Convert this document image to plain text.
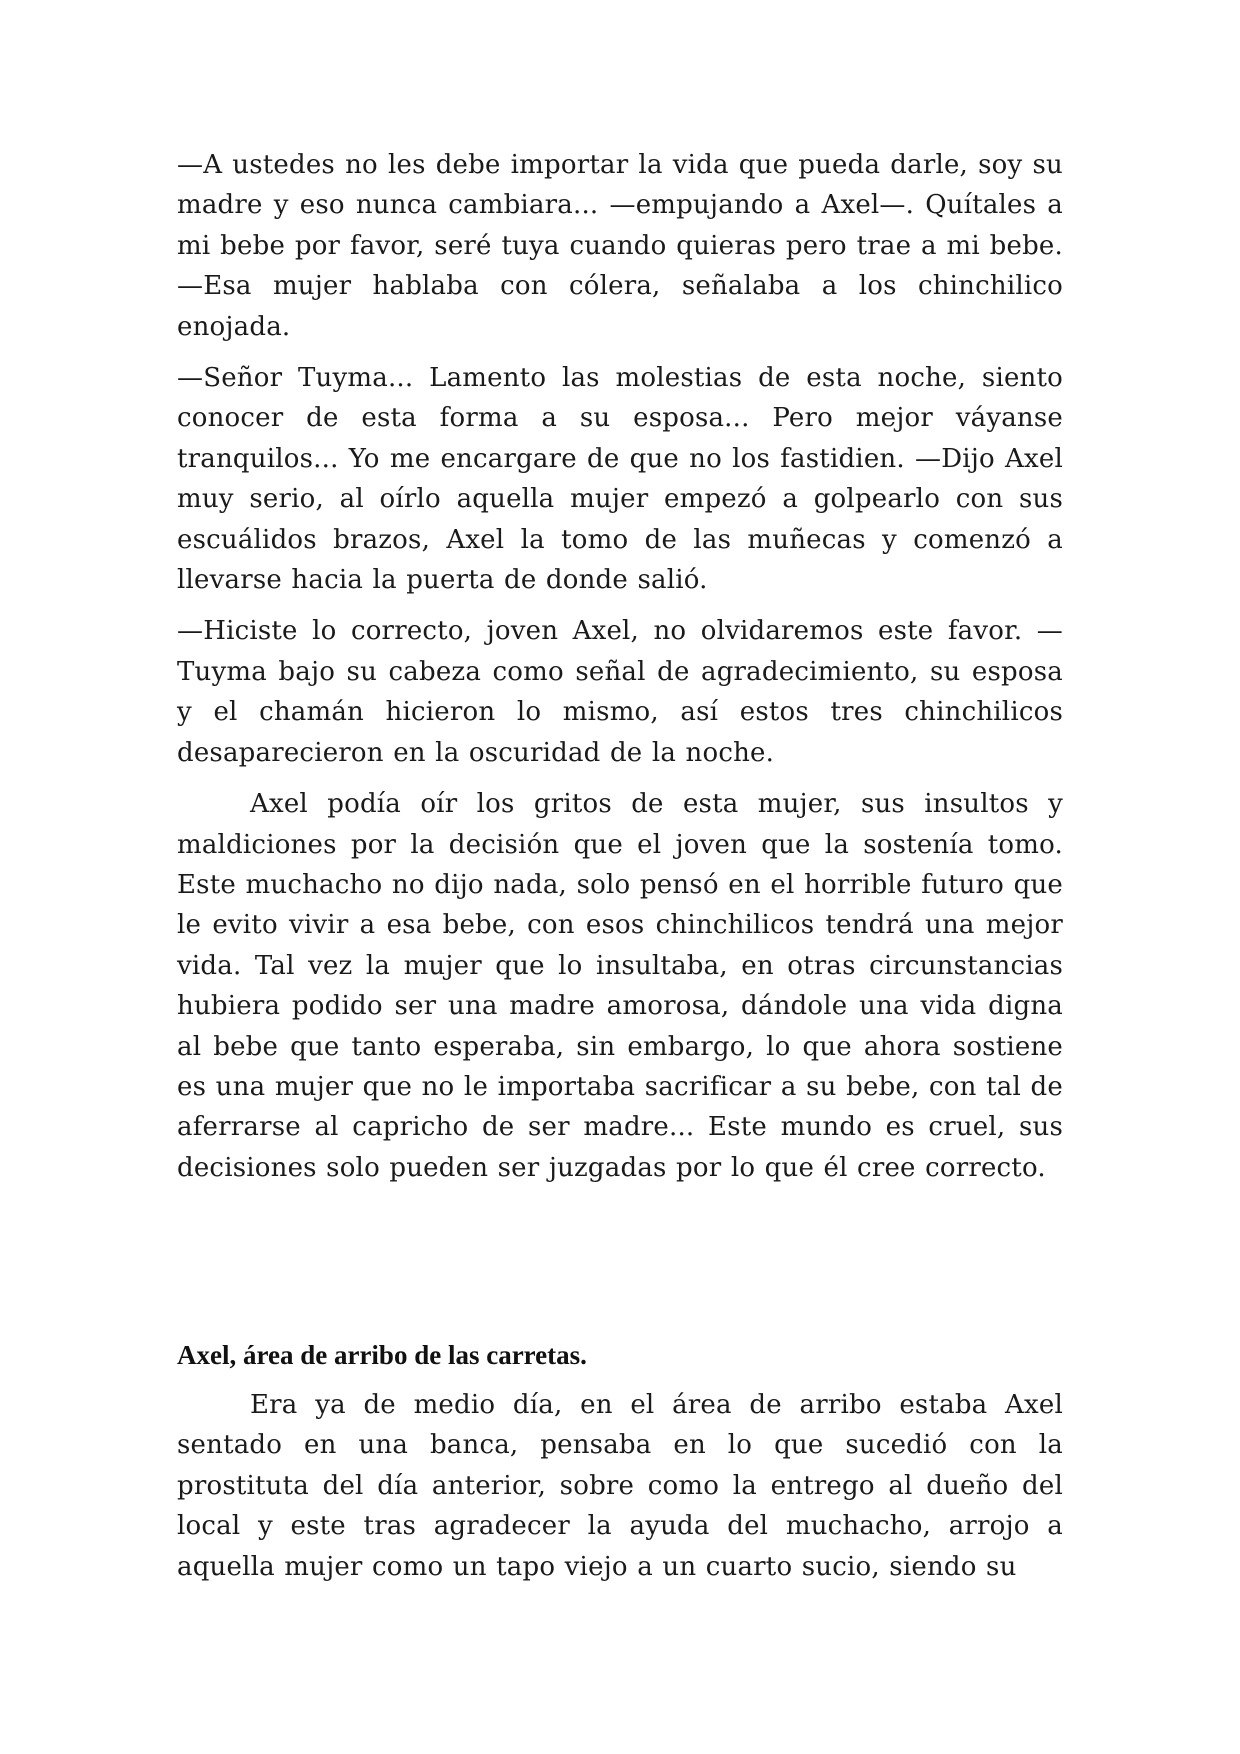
—A ustedes no les debe importar la vida que pueda darle, soy su madre y eso nunca cambiara... —empujando a Axel—. Quítales a mi bebe por favor, seré tuya cuando quieras pero trae a mi bebe. —Esa mujer hablaba con cólera, señalaba a los chinchilico enojada.

—Señor Tuyma... Lamento las molestias de esta noche, siento conocer de esta forma a su esposa... Pero mejor váyanse tranquilos... Yo me encargare de que no los fastidien. —Dijo Axel muy serio, al oírlo aquella mujer empezó a golpearlo con sus escuálidos brazos, Axel la tomo de las muñecas y comenzó a llevarse hacia la puerta de donde salió.

—Hiciste lo correcto, joven Axel, no olvidaremos este favor. —Tuyma bajo su cabeza como señal de agradecimiento, su esposa y el chamán hicieron lo mismo, así estos tres chinchilicos desaparecieron en la oscuridad de la noche.

Axel podía oír los gritos de esta mujer, sus insultos y maldiciones por la decisión que el joven que la sostenía tomo. Este muchacho no dijo nada, solo pensó en el horrible futuro que le evito vivir a esa bebe, con esos chinchilicos tendrá una mejor vida. Tal vez la mujer que lo insultaba, en otras circunstancias hubiera podido ser una madre amorosa, dándole una vida digna al bebe que tanto esperaba, sin embargo, lo que ahora sostiene es una mujer que no le importaba sacrificar a su bebe, con tal de aferrarse al capricho de ser madre... Este mundo es cruel, sus decisiones solo pueden ser juzgadas por lo que él cree correcto.

Axel, área de arribo de las carretas.

Era ya de medio día, en el área de arribo estaba Axel sentado en una banca, pensaba en lo que sucedió con la prostituta del día anterior, sobre como la entrego al dueño del local y este tras agradecer la ayuda del muchacho, arrojo a aquella mujer como un tapo viejo a un cuarto sucio, siendo su
